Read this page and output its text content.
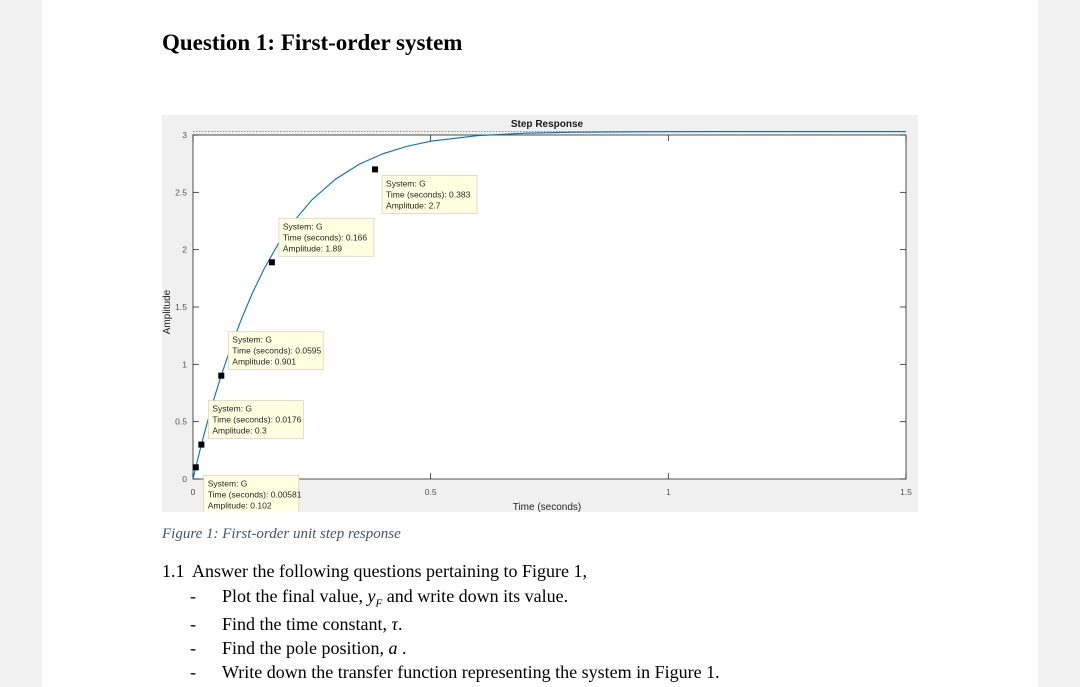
Question 1: First-order system
0
0.5
1
1.5
2
2.5
3
0	0.5	1	1.5
System: G
Time (seconds): 0.00581
Amplitude: 0.102
System: G
Time (seconds): 0.0176
Amplitude: 0.3
System: G
Time (seconds): 0.0595
Amplitude: 0.901
System: G
Time (seconds): 0.166
Amplitude: 1.89
System: G
Time (seconds): 0.383
Amplitude: 2.7
Step Response
Time (seconds)
Amplitude
Figure 1: First-order unit step response
1.1 Answer the following questions pertaining to Figure 1,
- Plot the final value, $y_F$ and write down its value.
- Find the time constant, τ.
- Find the pole position, a .
- Write down the transfer function representing the system in Figure 1.
